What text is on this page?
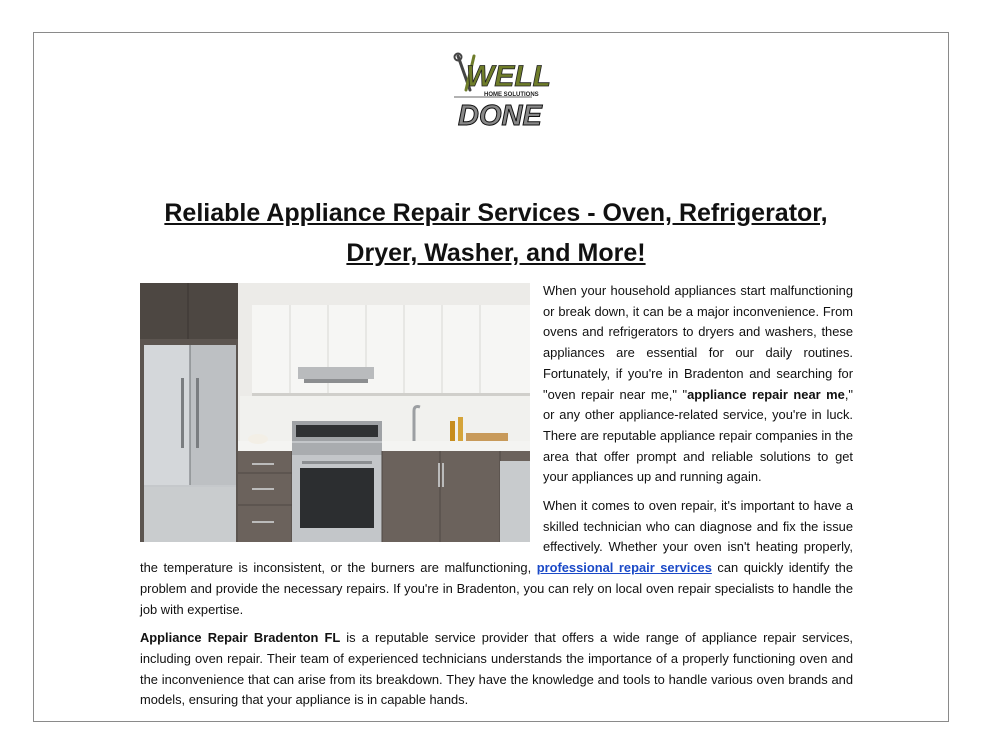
WELL
HOME SOLUTIONS
DONE
Reliable Appliance Repair Services - Oven, Refrigerator,
Dryer, Washer, and More!

When your household appliances start malfunctioning or break down, it can be a major inconvenience. From ovens and refrigerators to dryers and washers, these appliances are essential for our daily routines. Fortunately, if you're in Bradenton and searching for "oven repair near me," "appliance repair near me," or any other appliance-related service, you're in luck. There are reputable appliance repair companies in the area that offer prompt and reliable solutions to get your appliances up and running again.

When it comes to oven repair, it's important to have a skilled technician who can diagnose and fix the issue effectively. Whether your oven isn't heating properly, the temperature is inconsistent, or the burners are malfunctioning, professional repair services can quickly identify the problem and provide the necessary repairs. If you're in Bradenton, you can rely on local oven repair specialists to handle the job with expertise.

Appliance Repair Bradenton FL is a reputable service provider that offers a wide range of appliance repair services, including oven repair. Their team of experienced technicians understands the importance of a properly functioning oven and the inconvenience that can arise from its breakdown. They have the knowledge and tools to handle various oven brands and models, ensuring that your appliance is in capable hands.
